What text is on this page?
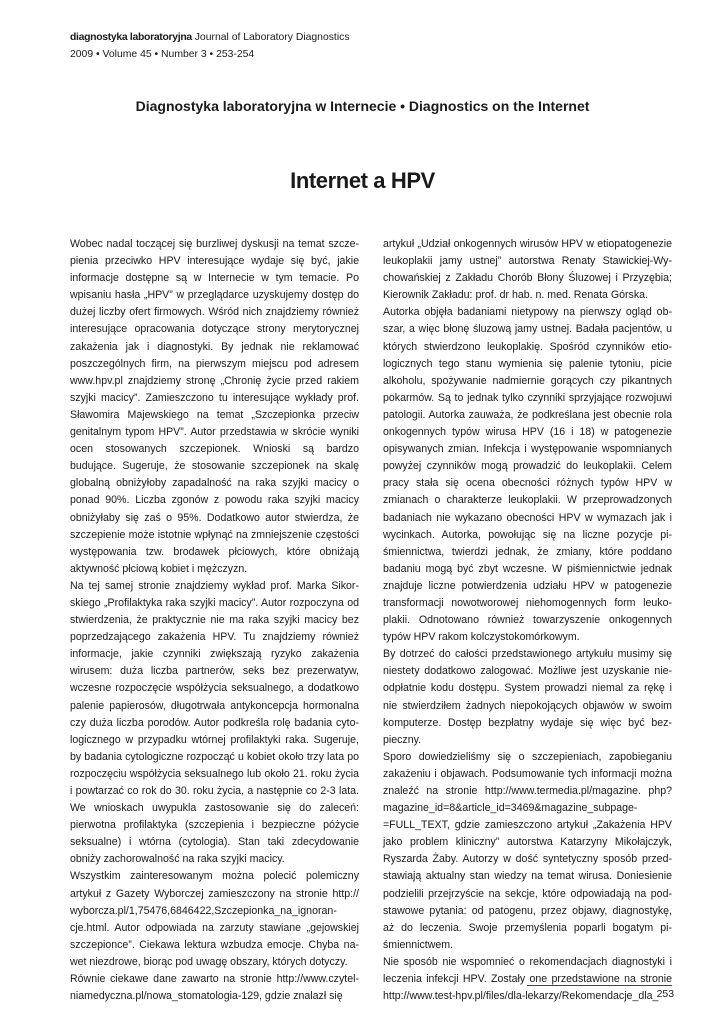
diagnostyka laboratoryjna Journal of Laboratory Diagnostics
2009 • Volume 45 • Number 3 • 253-254
Diagnostyka laboratoryjna w Internecie • Diagnostics on the Internet
Internet a HPV

Wobec nadal toczącej się burzliwej dyskusji na temat szczepienia przeciwko HPV interesujące wydaje się być, jakie informacje dostępne są w Internecie w tym temacie. Po wpisaniu hasła „HPV” w przeglądarce uzyskujemy dostęp do dużej liczby ofert firmowych. Wśród nich znajdziemy również interesujące opracowania dotyczące strony merytorycznej zakażenia jak i diagnostyki. By jednak nie reklamować poszczególnych firm, na pierwszym miejscu pod adresem www.hpv.pl znajdziemy stronę „Chronię życie przed rakiem szyjki macicy”. Zamieszczono tu interesujące wykłady prof. Sławomira Majewskiego na temat „Szczepionka przeciw genitalnym typom HPV”. Autor przedstawia w skrócie wyniki ocen stosowanych szczepionek. Wnioski są bardzo budujące. Sugeruje, że stosowanie szczepionek na skalę globalną obniżyłoby zapadalność na raka szyjki macicy o ponad 90%. Liczba zgonów z powodu raka szyjki macicy obniżyłaby się zaś o 95%. Dodatkowo autor stwierdza, że szczepienie może istotnie wpłynąć na zmniejszenie częstości występowania tzw. brodawek płciowych, które obniżają aktywność płciową kobiet i mężczyzn.

Na tej samej stronie znajdziemy wykład prof. Marka Sikorskiego „Profilaktyka raka szyjki macicy”. Autor rozpoczyna od stwierdzenia, że praktycznie nie ma raka szyjki macicy bez poprzedzającego zakażenia HPV. Tu znajdziemy również informacje, jakie czynniki zwiększają ryzyko zakażenia wirusem: duża liczba partnerów, seks bez prezerwatyw, wczesne rozpoczęcie współżycia seksualnego, a dodatkowo palenie papierosów, długotrwała antykoncepcja hormonalna czy duża liczba porodów. Autor podkreśla rolę badania cytologicznego w przypadku wtórnej profilaktyki raka. Sugeruje, by badania cytologiczne rozpocząć u kobiet około trzy lata po rozpoczęciu współżycia seksualnego lub około 21. roku życia i powtarzać co rok do 30. roku życia, a następnie co 2-3 lata. We wnioskach uwypukla zastosowanie się do zaleceń: pierwotna profilaktyka (szczepienia i bezpieczne póżycie seksualne) i wtórna (cytologia). Stan taki zdecydowanie obniży zachorowalność na raka szyjki macicy.

Wszystkim zainteresowanym można polecić polemiczny artykuł z Gazety Wyborczej zamieszczony na stronie http:// wyborcza.pl/1,75476,6846422,Szczepionka_na_ignorancje.html. Autor odpowiada na zarzuty stawiane „gejowskiej szczepionce”. Ciekawa lektura wzbudza emocje. Chyba nawet niezdrowe, biorąc pod uwagę obszary, których dotyczy.

Równie ciekawe dane zawarto na stronie http://www.czytelniamedyczna.pl/nowa_stomatologia-129, gdzie znalazł się

artykuł „Udział onkogennych wirusów HPV w etiopatogenezie leukoplakii jamy ustnej” autorstwa Renaty Stawickiej-Wychowańskiej z Zakładu Chorób Błony Śluzowej i Przyzębia; Kierownik Zakładu: prof. dr hab. n. med. Renata Górska.

Autorka objęła badaniami nietypowy na pierwszy ogląd obszar, a więc błonę śluzową jamy ustnej. Badała pacjentów, u których stwierdzono leukoplakię. Spośród czynników etiologicznych tego stanu wymienia się palenie tytoniu, picie alkoholu, spożywanie nadmiernie gorących czy pikantnych pokarmów. Są to jednak tylko czynniki sprzyjające rozwojuwi patologii. Autorka zauważa, że podkreślana jest obecnie rola onkogennych typów wirusa HPV (16 i 18) w patogenezie opisywanych zmian. Infekcja i występowanie wspomnianych powyżej czynników mogą prowadzić do leukoplakii. Celem pracy stała się ocena obecności różnych typów HPV w zmianach o charakterze leukoplakii. W przeprowadzonych badaniach nie wykazano obecności HPV w wymazach jak i wycinkach. Autorka, powołując się na liczne pozycje piśmiennictwa, twierdzi jednak, że zmiany, które poddano badaniu mogą być zbyt wczesne. W piśmiennictwie jednak znajduje liczne potwierdzenia udziału HPV w patogenezie transformacji nowotworowej niehomogennych form leukoplakii. Odnotowano również towarzyszenie onkogennych typów HPV rakom kolczystokomórkowym.

By dotrzeć do całości przedstawionego artykułu musimy się niestety dodatkowo zalogować. Możliwe jest uzyskanie nieodpłatnie kodu dostępu. System prowadzi niemal za rękę i nie stwierdziłem żadnych niepokojących objawów w swoim komputerze. Dostęp bezpłatny wydaje się więc być bezpieczny.

Sporo dowiedzieliśmy się o szczepieniach, zapobieganiu zakażeniu i objawach. Podsumowanie tych informacji można znaleźć na stronie http://www.termedia.pl/magazine. php?magazine_id=8&article_id=3469&magazine_subpage=FULL_TEXT, gdzie zamieszczono artykuł „Zakażenia HPV jako problem kliniczny” autorstwa Katarzyny Mikołajczyk, Ryszarda Żaby. Autorzy w dość syntetyczny sposób przedstawiają aktualny stan wiedzy na temat wirusa. Doniesienie podzielili przejrzyście na sekcje, które odpowiadają na podstawowe pytania: od patogenu, przez objawy, diagnostykę, aż do leczenia. Swoje przemyślenia poparli bogatym piśmiennictwem.

Nie sposób nie wspomnieć o rekomendacjach diagnostyki i leczenia infekcji HPV. Zostały one przedstawione na stronie http://www.test-hpv.pl/files/dla-lekarzy/Rekomendacje_dla_

253
